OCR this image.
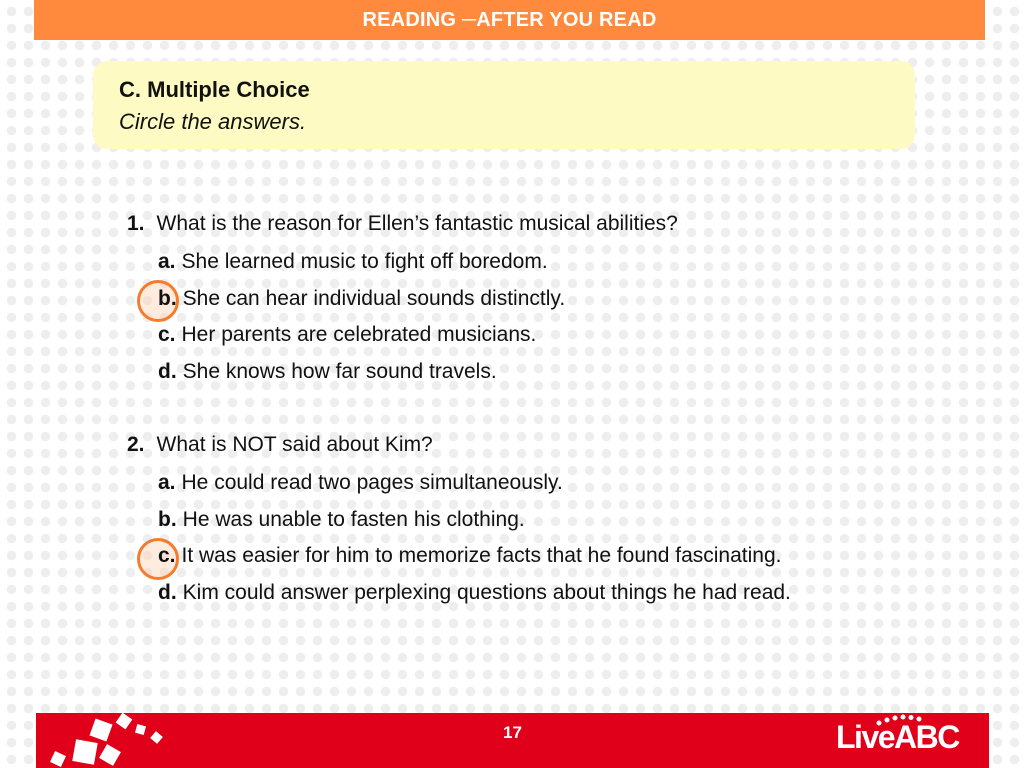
READING ─AFTER YOU READ
C. Multiple Choice
Circle the answers.
1. What is the reason for Ellen’s fantastic musical abilities?
a. She learned music to fight off boredom.
b. She can hear individual sounds distinctly.
c. Her parents are celebrated musicians.
d. She knows how far sound travels.
2. What is NOT said about Kim?
a. He could read two pages simultaneously.
b. He was unable to fasten his clothing.
c. It was easier for him to memorize facts that he found fascinating.
d. Kim could answer perplexing questions about things he had read.
17	LiveABC
